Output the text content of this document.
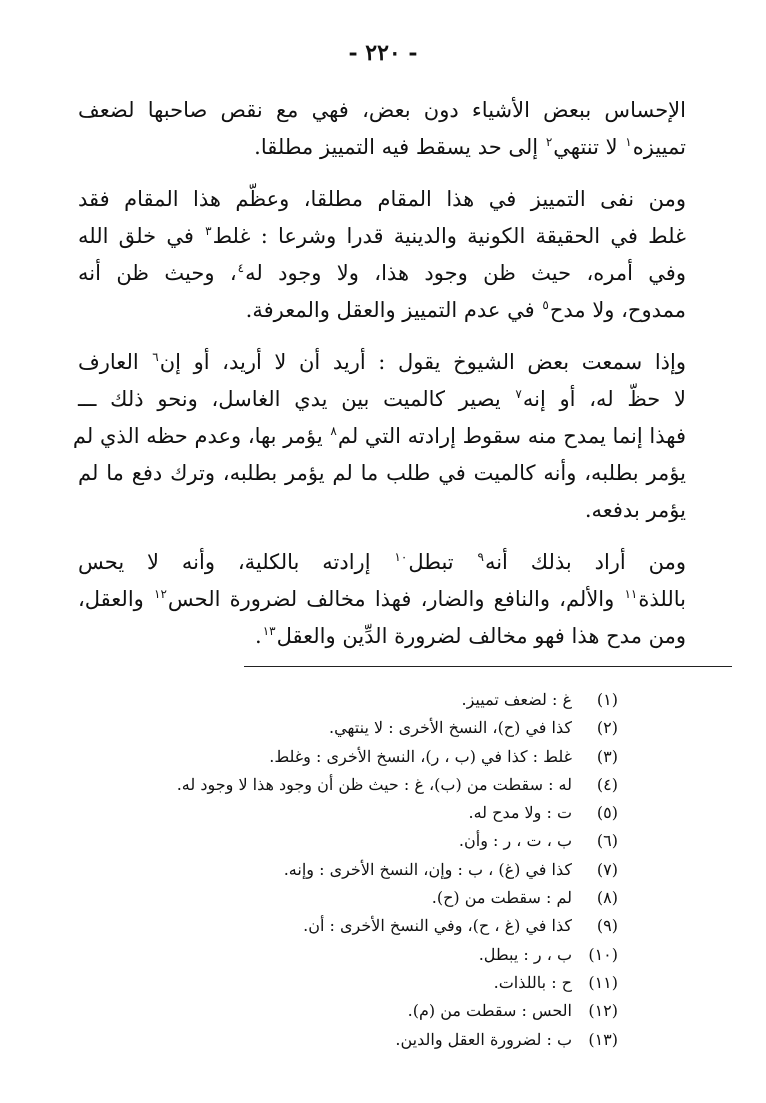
- ٢٢٠ -
الإحساس ببعض الأشياء دون بعض، فهي مع نقص صاحبها لضعف
تمييزه$^١$ لا تنتهي$^٢$ إلى حد يسقط فيه التمييز مطلقا.
ومن نفى التمييز في هذا المقام مطلقا، وعظّم هذا المقام فقد
غلط في الحقيقة الكونية والدينية قدرا وشرعا : غلط$^٣$ في خلق الله
وفي أمره، حيث ظن وجود هذا، ولا وجود له$^٤$، وحيث ظن أنه
ممدوح، ولا مدح$^٥$ في عدم التمييز والعقل والمعرفة.
وإذا سمعت بعض الشيوخ يقول : أريد أن لا أريد، أو إن$^٦$ العارف
لا حظّ له، أو إنه$^٧$ يصير كالميت بين يدي الغاسل، ونحو ذلك ـــ
فهذا إنما يمدح منه سقوط إرادته التي لم$^٨$ يؤمر بها، وعدم حظه الذي لم
يؤمر بطلبه، وأنه كالميت في طلب ما لم يؤمر بطلبه، وترك دفع ما لم
يؤمر بدفعه.
ومن أراد بذلك أنه$^٩$ تبطل$^{١٠}$ إرادته بالكلية، وأنه لا يحس
باللذة$^{١١}$ والألم، والنافع والضار، فهذا مخالف لضرورة الحس$^{١٢}$ والعقل،
ومن مدح هذا فهو مخالف لضرورة الدِّين والعقل$^{١٣}$.
(١)
غ : لضعف تمييز.
(٢)
كذا في (ح)، النسخ الأخرى : لا ينتهي.
(٣)
غلط : كذا في (ب ، ر)، النسخ الأخرى : وغلط.
(٤)
له : سقطت من (ب)، غ : حيث ظن أن وجود هذا لا وجود له.
(٥)
ت : ولا مدح له.
(٦)
ب ، ت ، ر : وأن.
(٧)
كذا في (غ) ، ب : وإن، النسخ الأخرى : وإنه.
(٨)
لم : سقطت من (ح).
(٩)
كذا في (غ ، ح)، وفي النسخ الأخرى : أن.
(١٠)
ب ، ر : يبطل.
(١١)
ح : باللذات.
(١٢)
الحس : سقطت من (م).
(١٣)
ب : لضرورة العقل والدين.
